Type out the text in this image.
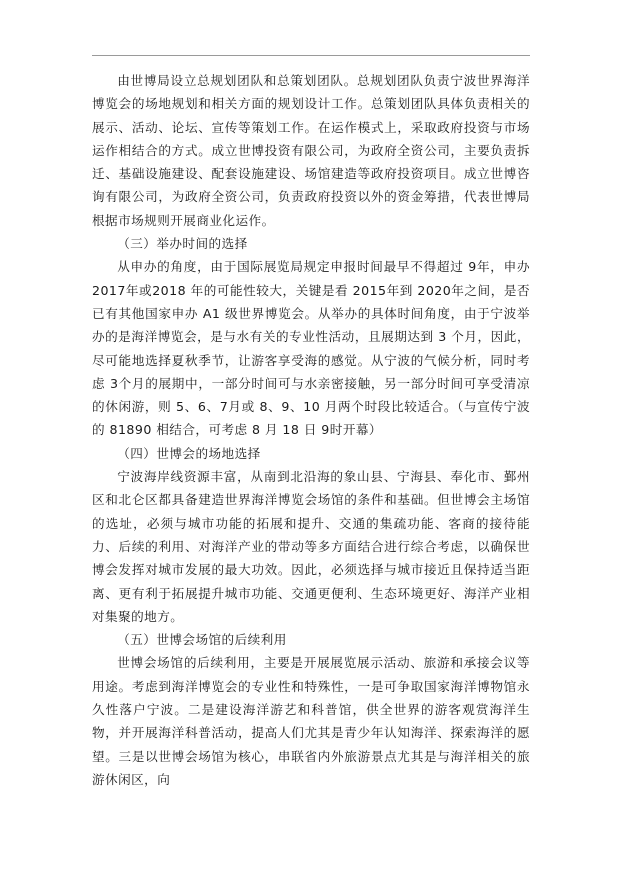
由世博局设立总规划团队和总策划团队。总规划团队负责宁波世界海洋博览会的场地规划和相关方面的规划设计工作。总策划团队具体负责相关的展示、活动、论坛、宣传等策划工作。在运作模式上，采取政府投资与市场运作相结合的方式。成立世博投资有限公司，为政府全资公司，主要负责拆迁、基础设施建设、配套设施建设、场馆建造等政府投资项目。成立世博咨询有限公司，为政府全资公司，负责政府投资以外的资金筹措，代表世博局根据市场规则开展商业化运作。

（三）举办时间的选择

从申办的角度，由于国际展览局规定申报时间最早不得超过 9年，申办 2017年或2018 年的可能性较大，关键是看 2015年到 2020年之间，是否已有其他国家申办 A1 级世界博览会。从举办的具体时间角度，由于宁波举办的是海洋博览会，是与水有关的专业性活动，且展期达到 3 个月，因此，尽可能地选择夏秋季节，让游客享受海的感觉。从宁波的气候分析，同时考虑 3个月的展期中，一部分时间可与水亲密接触，另一部分时间可享受清凉的休闲游，则 5、6、7月或 8、9、10 月两个时段比较适合。（与宣传宁波的 81890 相结合，可考虑 8 月 18 日 9时开幕）

（四）世博会的场地选择

宁波海岸线资源丰富，从南到北沿海的象山县、宁海县、奉化市、鄞州区和北仑区都具备建造世界海洋博览会场馆的条件和基础。但世博会主场馆的选址，必须与城市功能的拓展和提升、交通的集疏功能、客商的接待能力、后续的利用、对海洋产业的带动等多方面结合进行综合考虑，以确保世博会发挥对城市发展的最大功效。因此，必须选择与城市接近且保持适当距离、更有利于拓展提升城市功能、交通更便利、生态环境更好、海洋产业相对集聚的地方。

（五）世博会场馆的后续利用

世博会场馆的后续利用，主要是开展展览展示活动、旅游和承接会议等用途。考虑到海洋博览会的专业性和特殊性，一是可争取国家海洋博物馆永久性落户宁波。二是建设海洋游艺和科普馆，供全世界的游客观赏海洋生物，并开展海洋科普活动，提高人们尤其是青少年认知海洋、探索海洋的愿望。三是以世博会场馆为核心，串联省内外旅游景点尤其是与海洋相关的旅游休闲区，向
